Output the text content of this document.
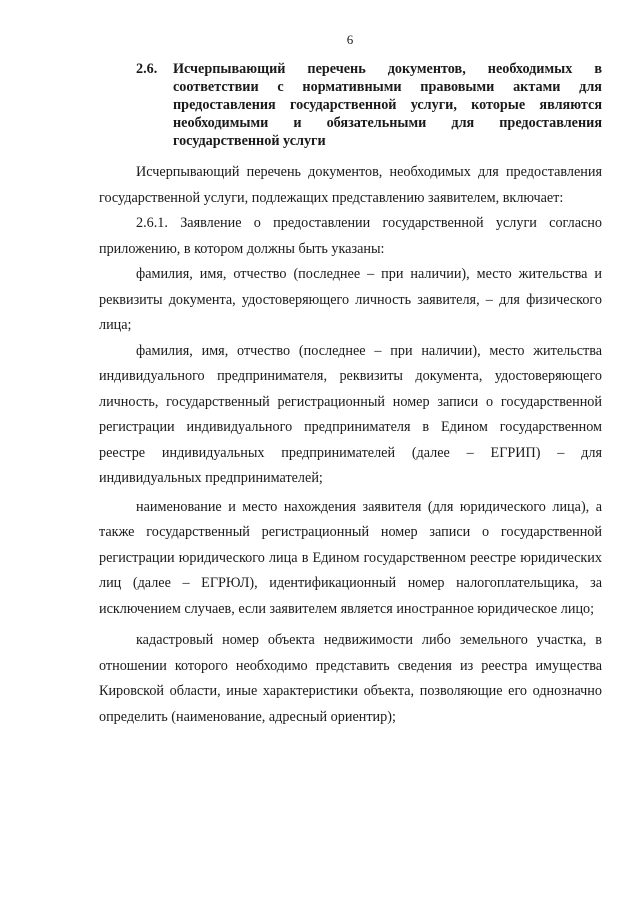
6
2.6. Исчерпывающий перечень документов, необходимых в соответствии с нормативными правовыми актами для предоставления государственной услуги, которые являются необходимыми и обязательными для предоставления государственной услуги

Исчерпывающий перечень документов, необходимых для предоставления государственной услуги, подлежащих представлению заявителем, включает:

2.6.1. Заявление о предоставлении государственной услуги согласно приложению, в котором должны быть указаны:

фамилия, имя, отчество (последнее – при наличии), место жительства и реквизиты документа, удостоверяющего личность заявителя, – для физического лица;

фамилия, имя, отчество (последнее – при наличии), место жительства индивидуального предпринимателя, реквизиты документа, удостоверяющего личность, государственный регистрационный номер записи о государственной регистрации индивидуального предпринимателя в Едином государственном реестре индивидуальных предпринимателей (далее – ЕГРИП) – для индивидуальных предпринимателей;

наименование и место нахождения заявителя (для юридического лица), а также государственный регистрационный номер записи о государственной регистрации юридического лица в Едином государственном реестре юридических лиц (далее – ЕГРЮЛ), идентификационный номер налогоплательщика, за исключением случаев, если заявителем является иностранное юридическое лицо;

кадастровый номер объекта недвижимости либо земельного участка, в отношении которого необходимо представить сведения из реестра имущества Кировской области, иные характеристики объекта, позволяющие его однозначно определить (наименование, адресный ориентир);
